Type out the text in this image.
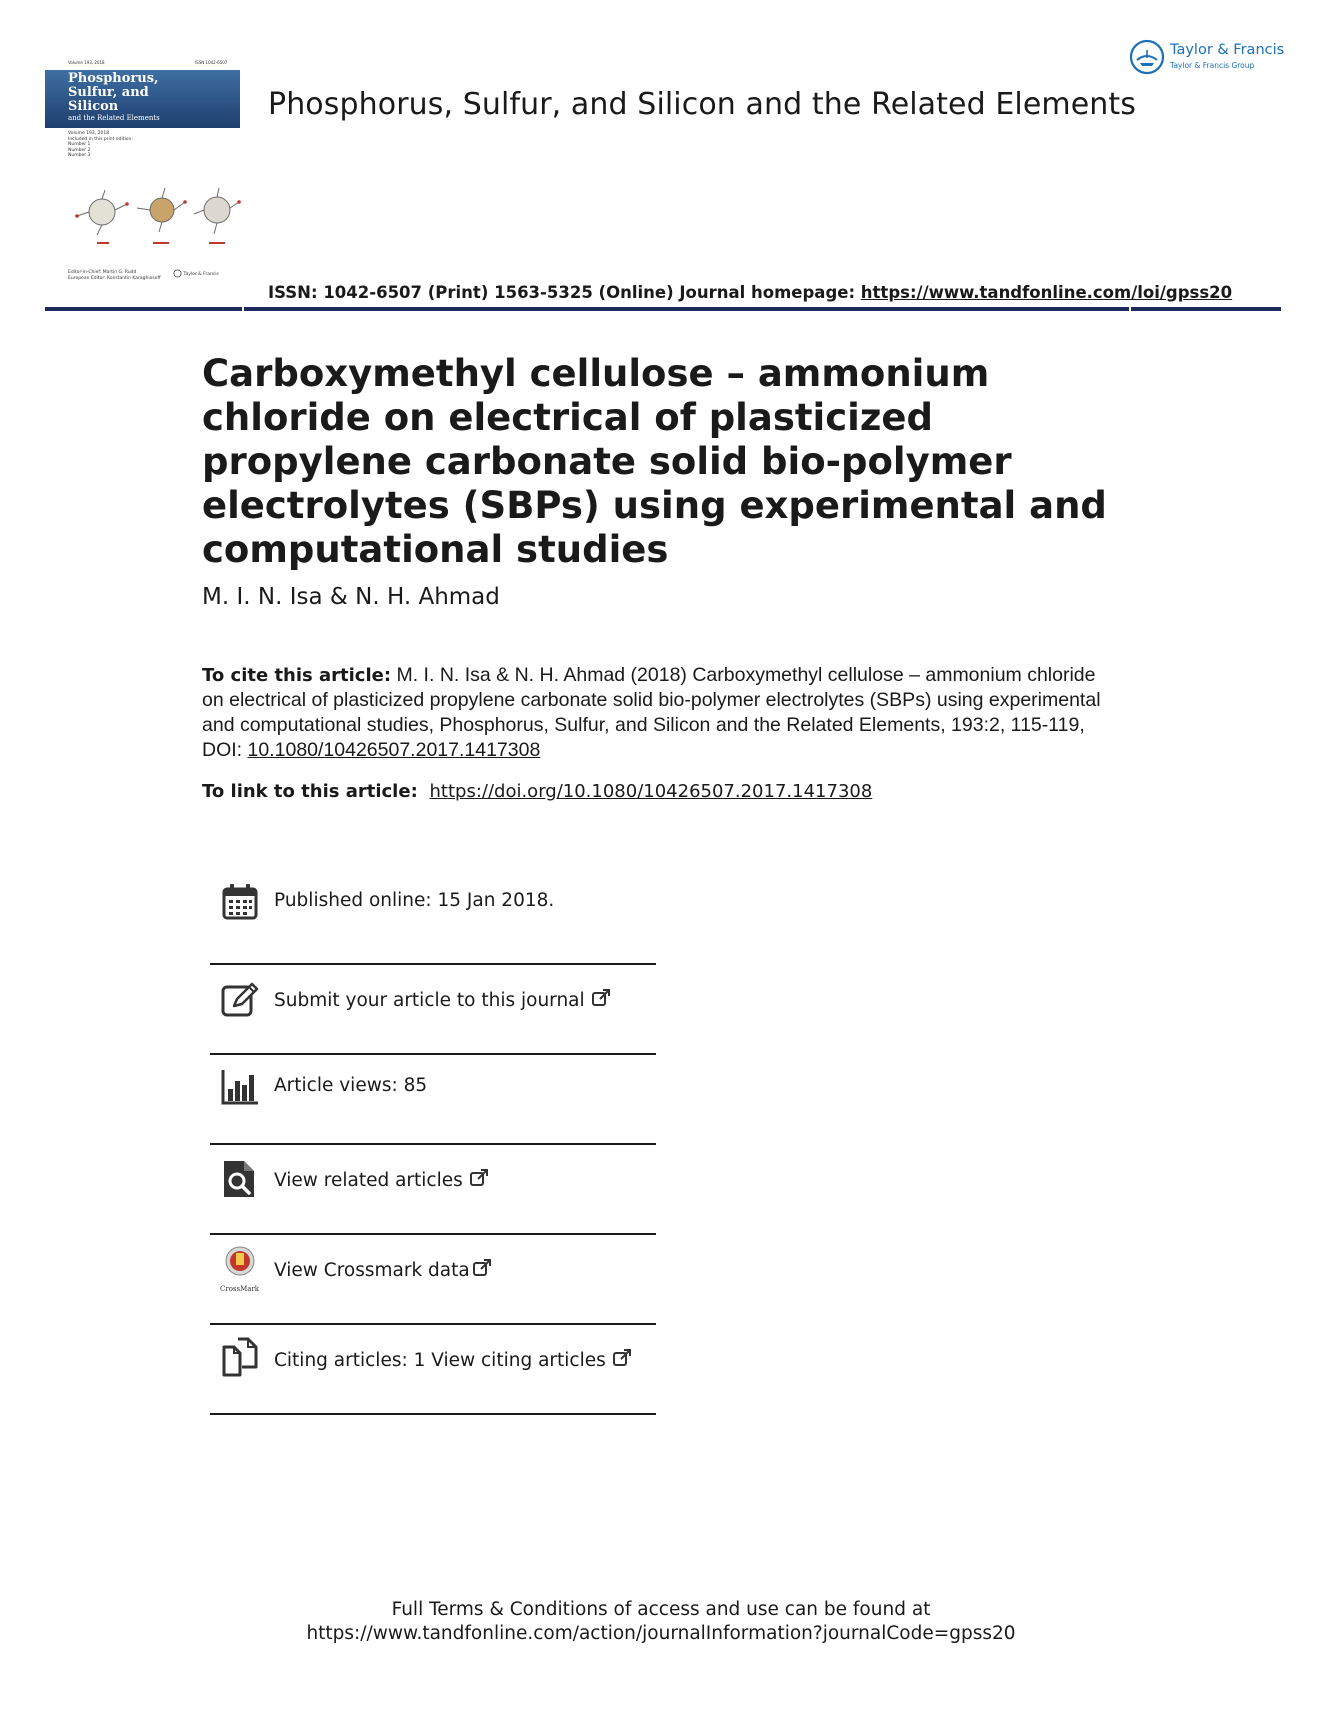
Volume 193, 2018	ISSN 1042-6507

Phosphorus,

Sulfur, and

Silicon

and the Related Elements

Volume 193, 2018
Included in this print edition:
Number 1
Number 2
Number 3
Editor-in-Chief: Martin G. Rudd
European Editor: Konstantin Karaghiosoff
Taylor & Francis
Phosphorus, Sulfur, and Silicon and the Related Elements
Taylor & Francis
Taylor & Francis Group
ISSN: 1042-6507 (Print) 1563-5325 (Online) Journal homepage: https://www.tandfonline.com/loi/gpss20
Carboxymethyl cellulose – ammonium chloride on electrical of plasticized propylene carbonate solid bio-polymer electrolytes (SBPs) using experimental and computational studies
M. I. N. Isa & N. H. Ahmad
To cite this article: M. I. N. Isa & N. H. Ahmad (2018) Carboxymethyl cellulose – ammonium chloride on electrical of plasticized propylene carbonate solid bio-polymer electrolytes (SBPs) using experimental and computational studies, Phosphorus, Sulfur, and Silicon and the Related Elements, 193:2, 115-119, DOI: 10.1080/10426507.2017.1417308
To link to this article: https://doi.org/10.1080/10426507.2017.1417308
Published online: 15 Jan 2018.
Submit your article to this journal
Article views: 85
View related articles
CrossMark
View Crossmark data
Citing articles: 1 View citing articles
Full Terms & Conditions of access and use can be found at
https://www.tandfonline.com/action/journalInformation?journalCode=gpss20
